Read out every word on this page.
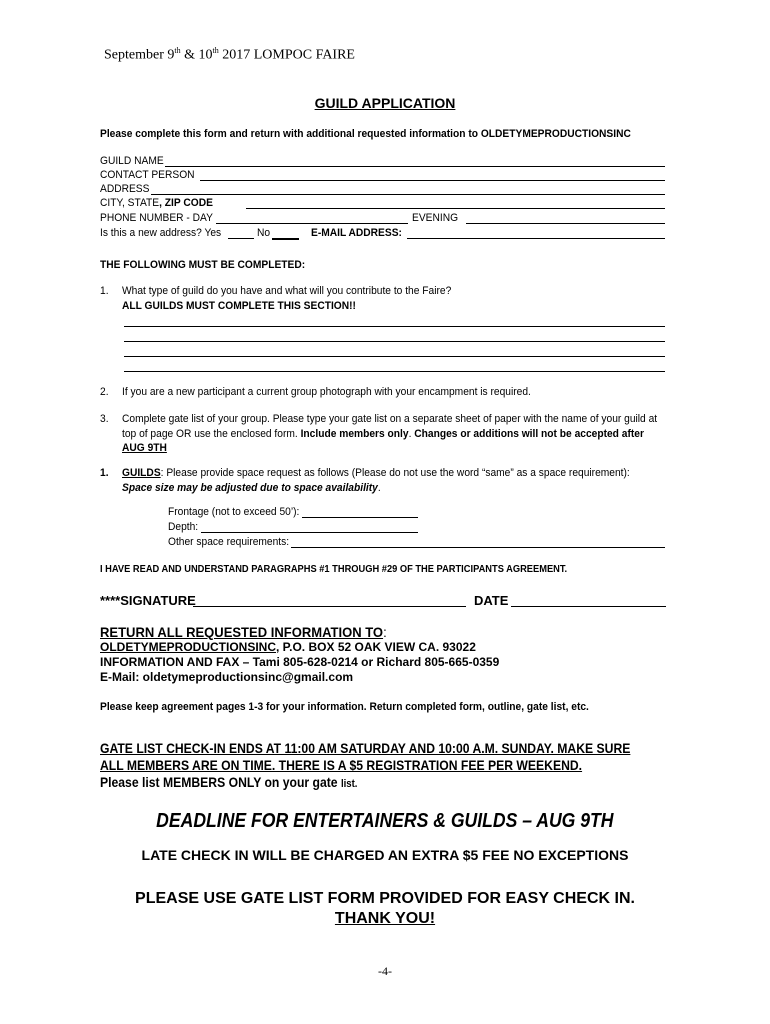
September 9th & 10th 2017 LOMPOC FAIRE
GUILD APPLICATION
Please complete this form and return with additional requested information to OLDETYMEPRODUCTIONSINC
GUILD NAME
CONTACT PERSON
ADDRESS
CITY, STATE, ZIP CODE
PHONE NUMBER - DAY	EVENING
Is this a new address? Yes	No	E-MAIL ADDRESS:
THE FOLLOWING MUST BE COMPLETED:
1. What type of guild do you have and what will you contribute to the Faire?
ALL GUILDS MUST COMPLETE THIS SECTION!!
2. If you are a new participant a current group photograph with your encampment is required.
3. Complete gate list of your group. Please type your gate list on a separate sheet of paper with the name of your guild at
top of page OR use the enclosed form. Include members only. Changes or additions will not be accepted after
AUG 9TH
1. GUILDS: Please provide space request as follows (Please do not use the word “same” as a space requirement):
Space size may be adjusted due to space availability.
Frontage (not to exceed 50’):
Depth:
Other space requirements:
I HAVE READ AND UNDERSTAND PARAGRAPHS #1 THROUGH #29 OF THE PARTICIPANTS AGREEMENT.
****SIGNATURE	DATE
RETURN ALL REQUESTED INFORMATION TO:
OLDETYMEPRODUCTIONSINC, P.O. BOX 52 OAK VIEW CA. 93022
INFORMATION AND FAX – Tami 805-628-0214 or Richard 805-665-0359
E-Mail: oldetymeproductionsinc@gmail.com
Please keep agreement pages 1-3 for your information. Return completed form, outline, gate list, etc.
GATE LIST CHECK-IN ENDS AT 11:00 AM SATURDAY AND 10:00 A.M. SUNDAY. MAKE SURE
ALL MEMBERS ARE ON TIME. THERE IS A $5 REGISTRATION FEE PER WEEKEND.
Please list MEMBERS ONLY on your gate list.
DEADLINE FOR ENTERTAINERS & GUILDS – AUG 9TH
LATE CHECK IN WILL BE CHARGED AN EXTRA $5 FEE NO EXCEPTIONS
PLEASE USE GATE LIST FORM PROVIDED FOR EASY CHECK IN.
THANK YOU!
-4-
